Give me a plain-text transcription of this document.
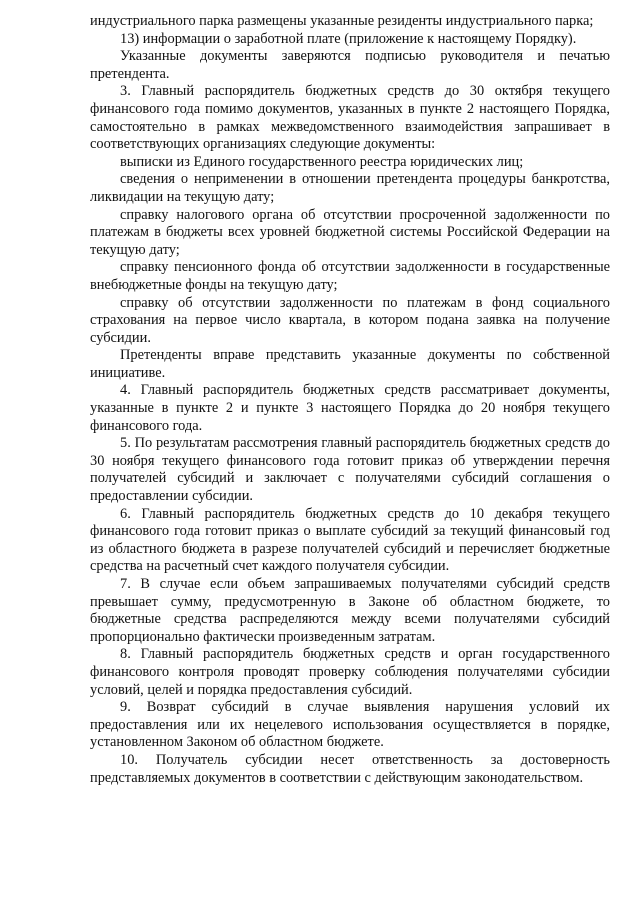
индустриального парка размещены указанные резиденты индустриального парка;

13) информации о заработной плате (приложение к настоящему Порядку).

Указанные документы заверяются подписью руководителя и печатью претендента.

3. Главный распорядитель бюджетных средств до 30 октября текущего финансового года помимо документов, указанных в пункте 2 настоящего Порядка, самостоятельно в рамках межведомственного взаимодействия запрашивает в соответствующих организациях следующие документы:

выписки из Единого государственного реестра юридических лиц;

сведения о неприменении в отношении претендента процедуры банкротства, ликвидации на текущую дату;

справку налогового органа об отсутствии просроченной задолженности по платежам в бюджеты всех уровней бюджетной системы Российской Федерации на текущую дату;

справку пенсионного фонда об отсутствии задолженности в государственные внебюджетные фонды на текущую дату;

справку об отсутствии задолженности по платежам в фонд социального страхования на первое число квартала, в котором подана заявка на получение субсидии.

Претенденты вправе представить указанные документы по собственной инициативе.

4. Главный распорядитель бюджетных средств рассматривает документы, указанные в пункте 2 и пункте 3 настоящего Порядка до 20 ноября текущего финансового года.

5. По результатам рассмотрения главный распорядитель бюджетных средств до 30 ноября текущего финансового года готовит приказ об утверждении перечня получателей субсидий и заключает с получателями субсидий соглашения о предоставлении субсидии.

6. Главный распорядитель бюджетных средств до 10 декабря текущего финансового года готовит приказ о выплате субсидий за текущий финансовый год из областного бюджета в разрезе получателей субсидий и перечисляет бюджетные средства на расчетный счет каждого получателя субсидии.

7. В случае если объем запрашиваемых получателями субсидий средств превышает сумму, предусмотренную в Законе об областном бюджете, то бюджетные средства распределяются между всеми получателями субсидий пропорционально фактически произведенным затратам.

8. Главный распорядитель бюджетных средств и орган государственного финансового контроля проводят проверку соблюдения получателями субсидии условий, целей и порядка предоставления субсидий.

9. Возврат субсидий в случае выявления нарушения условий их предоставления или их нецелевого использования осуществляется в порядке, установленном Законом об областном бюджете.

10. Получатель субсидии несет ответственность за достоверность представляемых документов в соответствии с действующим законодательством.
